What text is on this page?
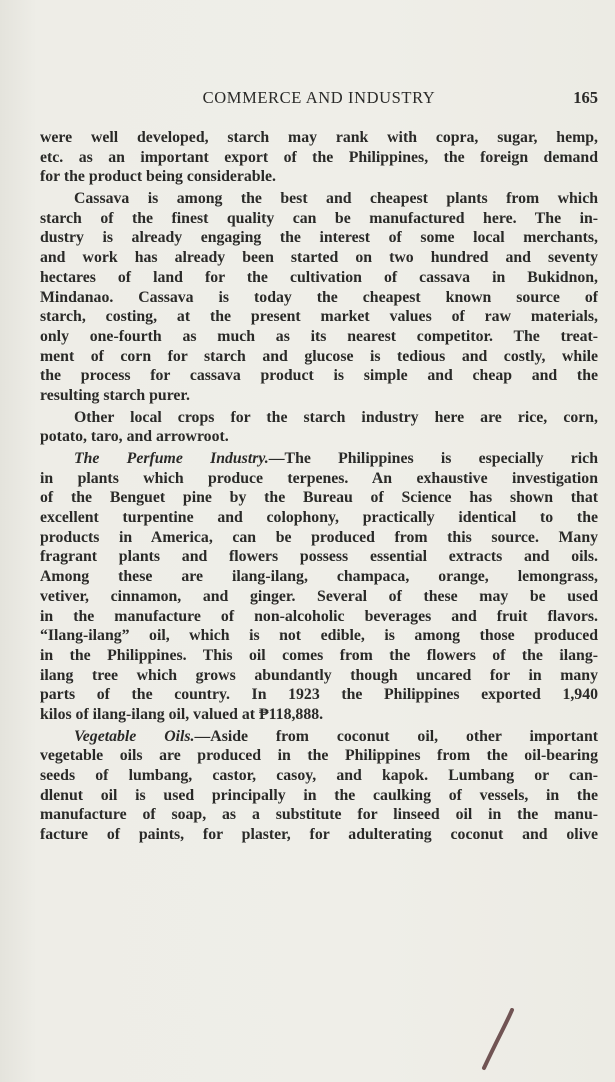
COMMERCE AND INDUSTRY	165
were well developed, starch may rank with copra, sugar, hemp,
etc. as an important export of the Philippines, the foreign demand
for the product being considerable.
Cassava is among the best and cheapest plants from which
starch of the finest quality can be manufactured here. The in-
dustry is already engaging the interest of some local merchants,
and work has already been started on two hundred and seventy
hectares of land for the cultivation of cassava in Bukidnon,
Mindanao. Cassava is today the cheapest known source of
starch, costing, at the present market values of raw materials,
only one-fourth as much as its nearest competitor. The treat-
ment of corn for starch and glucose is tedious and costly, while
the process for cassava product is simple and cheap and the
resulting starch purer.
Other local crops for the starch industry here are rice, corn,
potato, taro, and arrowroot.
The Perfume Industry.—The Philippines is especially rich
in plants which produce terpenes. An exhaustive investigation
of the Benguet pine by the Bureau of Science has shown that
excellent turpentine and colophony, practically identical to the
products in America, can be produced from this source. Many
fragrant plants and flowers possess essential extracts and oils.
Among these are ilang-ilang, champaca, orange, lemongrass,
vetiver, cinnamon, and ginger. Several of these may be used
in the manufacture of non-alcoholic beverages and fruit flavors.
“Ilang-ilang” oil, which is not edible, is among those produced
in the Philippines. This oil comes from the flowers of the ilang-
ilang tree which grows abundantly though uncared for in many
parts of the country. In 1923 the Philippines exported 1,940
kilos of ilang-ilang oil, valued at ₱118,888.
Vegetable Oils.—Aside from coconut oil, other important
vegetable oils are produced in the Philippines from the oil-bearing
seeds of lumbang, castor, casoy, and kapok. Lumbang or can-
dlenut oil is used principally in the caulking of vessels, in the
manufacture of soap, as a substitute for linseed oil in the manu-
facture of paints, for plaster, for adulterating coconut and olive
